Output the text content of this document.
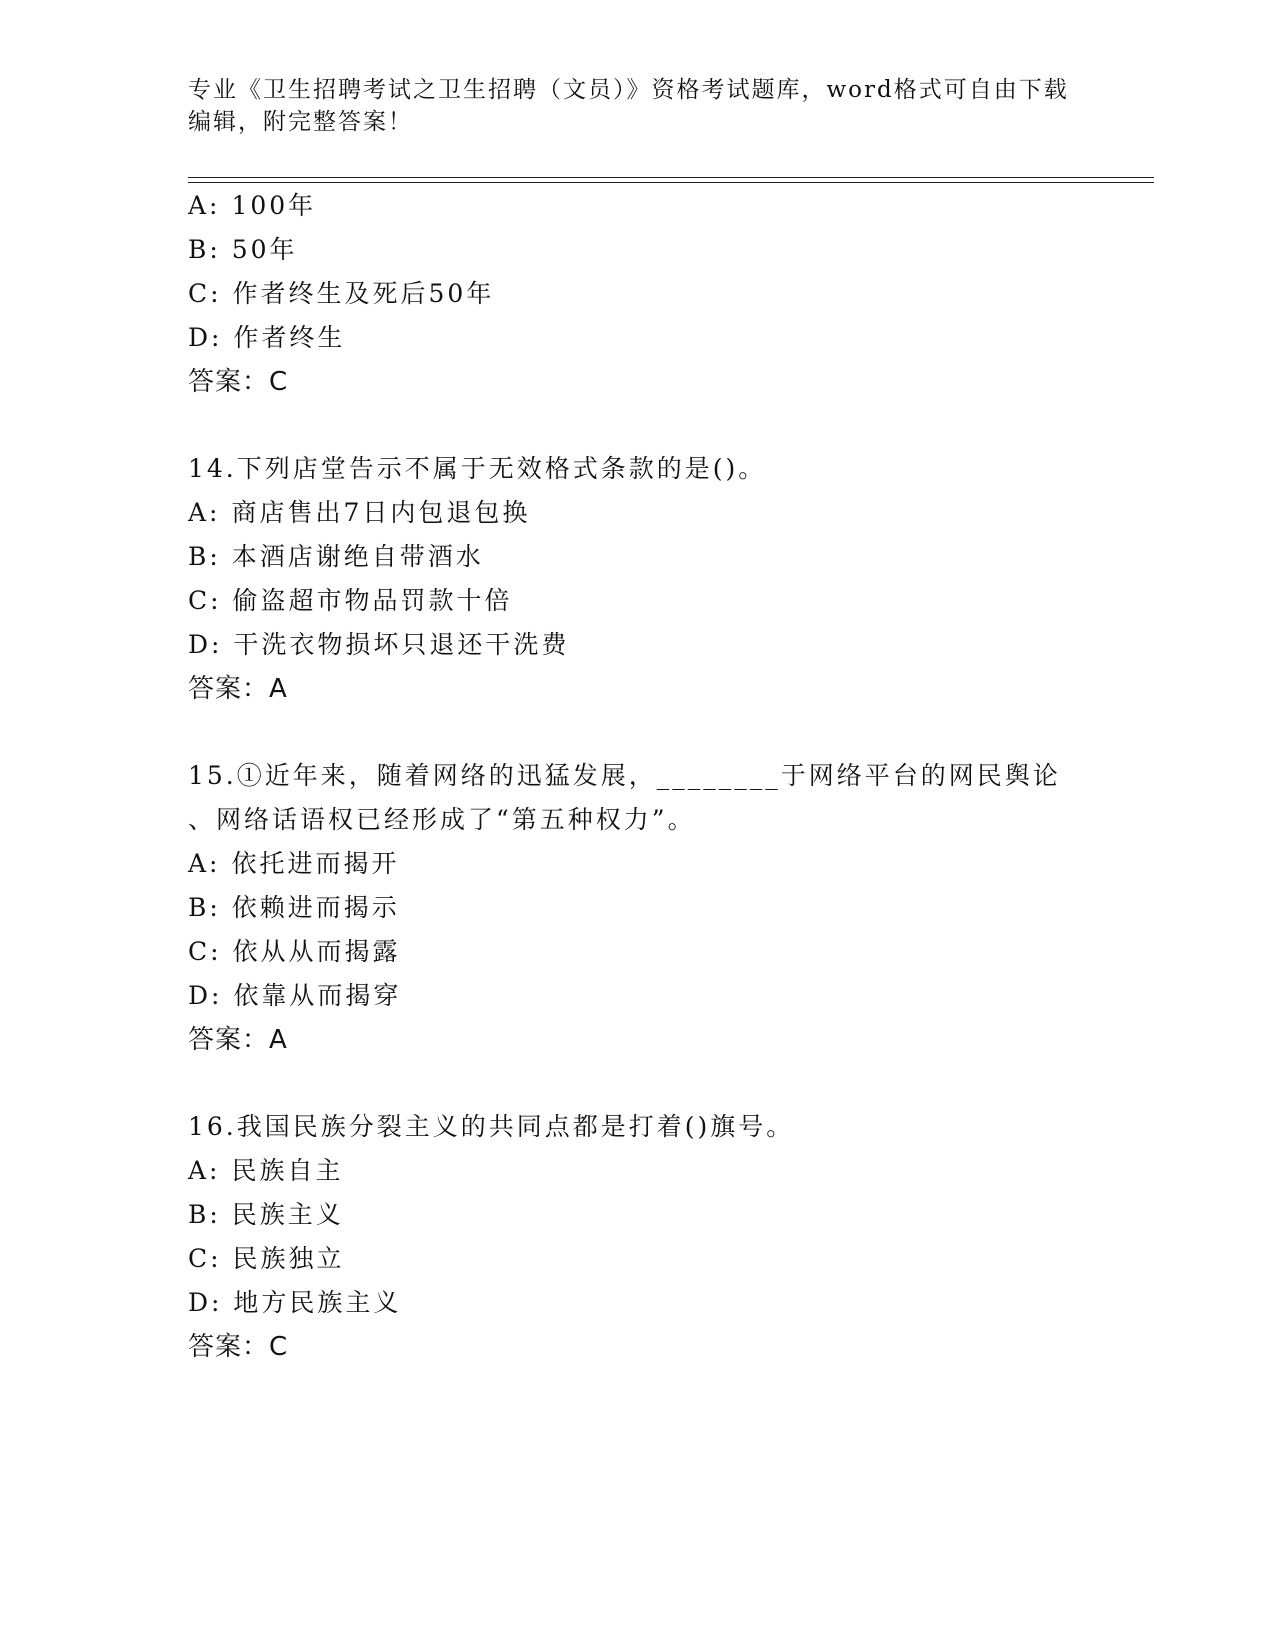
专业《卫生招聘考试之卫生招聘（文员）》资格考试题库，word格式可自由下载
编辑，附完整答案！
A: 100年
B: 50年
C: 作者终生及死后50年
D: 作者终生
答案：C
14.下列店堂告示不属于无效格式条款的是()。
A: 商店售出7日内包退包换
B: 本酒店谢绝自带酒水
C: 偷盗超市物品罚款十倍
D: 干洗衣物损坏只退还干洗费
答案：A
15.①近年来，随着网络的迅猛发展，________于网络平台的网民舆论
、网络话语权已经形成了“第五种权力”。
A: 依托进而揭开
B: 依赖进而揭示
C: 依从从而揭露
D: 依靠从而揭穿
答案：A
16.我国民族分裂主义的共同点都是打着()旗号。
A: 民族自主
B: 民族主义
C: 民族独立
D: 地方民族主义
答案：C
